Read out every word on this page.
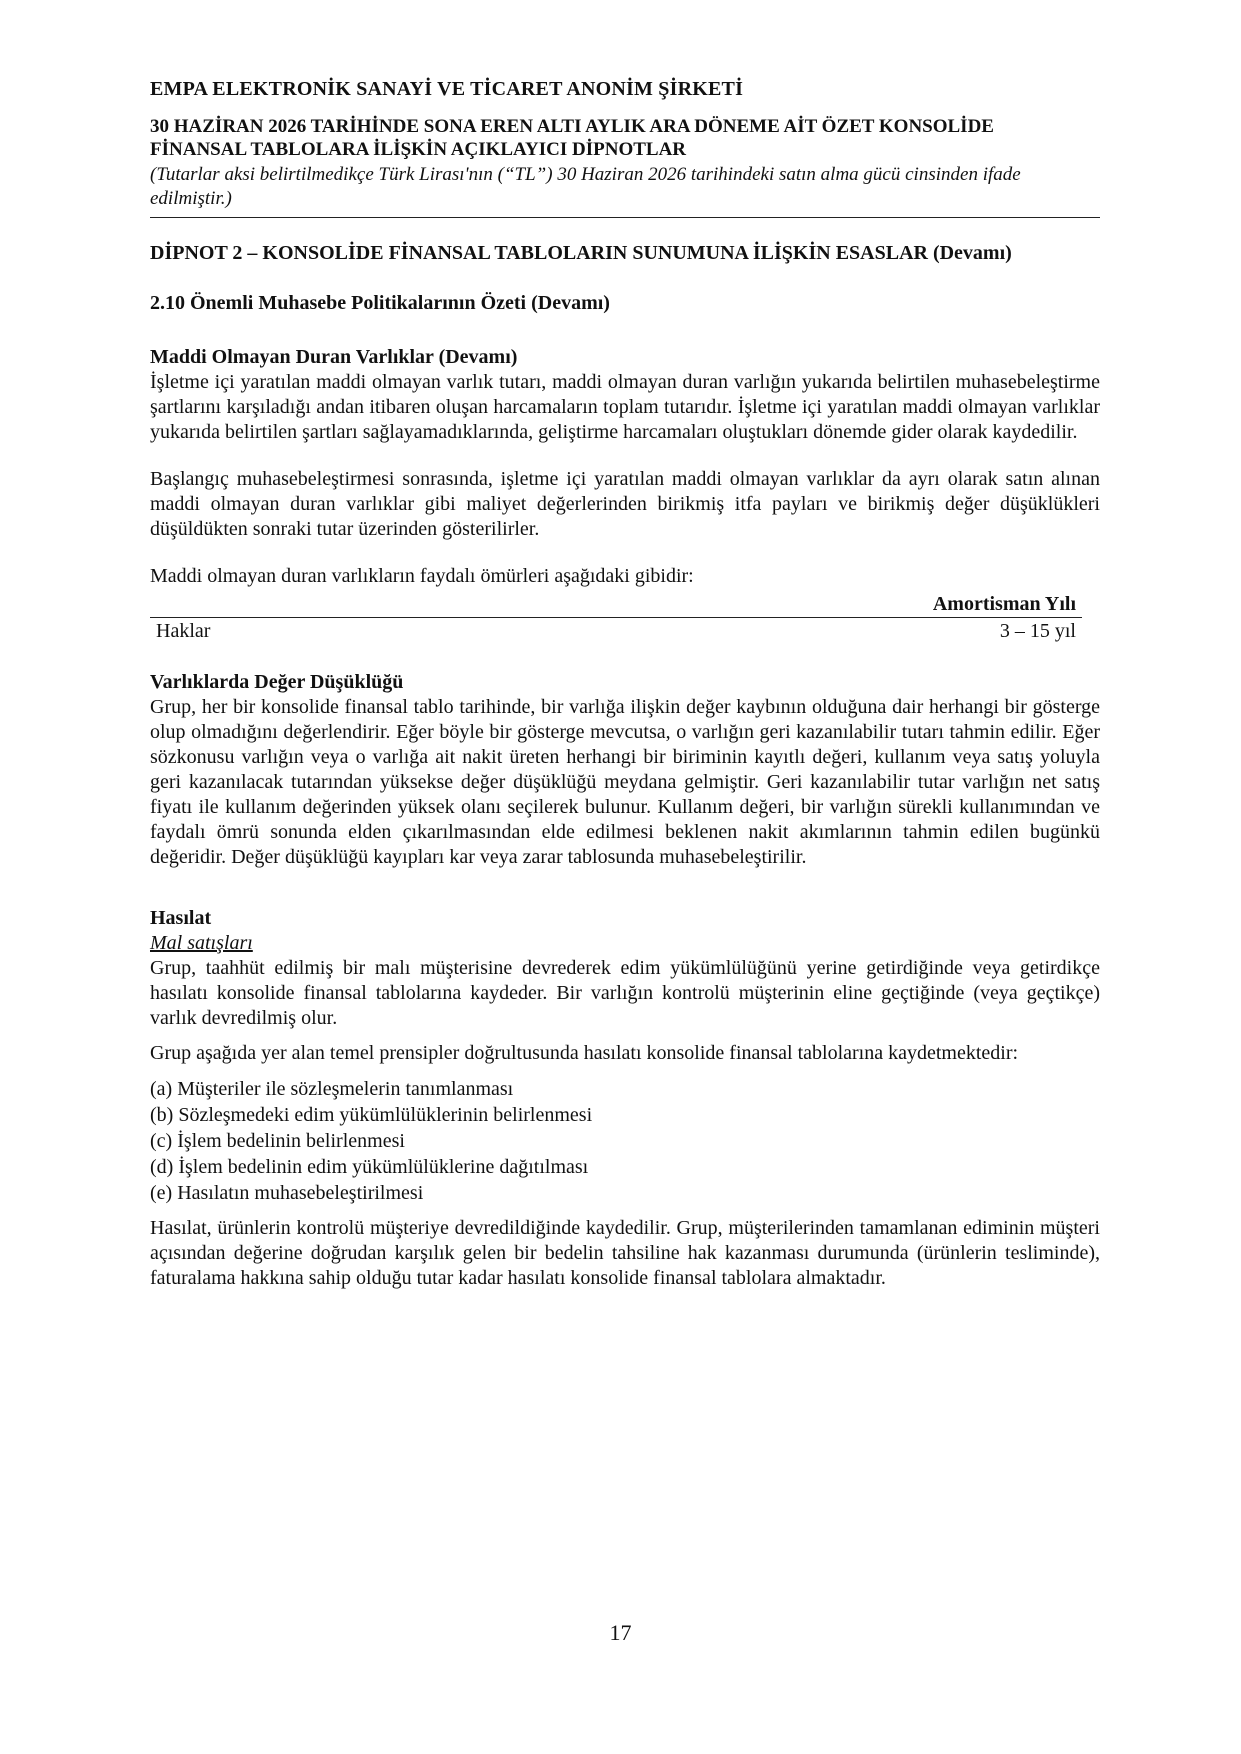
EMPA ELEKTRONİK SANAYİ VE TİCARET ANONİM ŞİRKETİ
30 HAZİRAN 2026 TARİHİNDE SONA EREN ALTI AYLIK ARA DÖNEME AİT ÖZET KONSOLİDE
FİNANSAL TABLOLARA İLİŞKİN AÇIKLAYICI DİPNOTLAR
(Tutarlar aksi belirtilmedikçe Türk Lirası'nın (“TL”) 30 Haziran 2026 tarihindeki satın alma gücü cinsinden ifade edilmiştir.)
DİPNOT 2 – KONSOLİDE FİNANSAL TABLOLARIN SUNUMUNA İLİŞKİN ESASLAR (Devamı)
2.10 Önemli Muhasebe Politikalarının Özeti (Devamı)
Maddi Olmayan Duran Varlıklar (Devamı)

İşletme içi yaratılan maddi olmayan varlık tutarı, maddi olmayan duran varlığın yukarıda belirtilen muhasebeleştirme şartlarını karşıladığı andan itibaren oluşan harcamaların toplam tutarıdır. İşletme içi yaratılan maddi olmayan varlıklar yukarıda belirtilen şartları sağlayamadıklarında, geliştirme harcamaları oluştukları dönemde gider olarak kaydedilir.

Başlangıç muhasebeleştirmesi sonrasında, işletme içi yaratılan maddi olmayan varlıklar da ayrı olarak satın alınan maddi olmayan duran varlıklar gibi maliyet değerlerinden birikmiş itfa payları ve birikmiş değer düşüklükleri düşüldükten sonraki tutar üzerinden gösterilirler.

Maddi olmayan duran varlıkların faydalı ömürleri aşağıdaki gibidir:

Amortisman Yılı
Haklar	3 – 15 yıl
Varlıklarda Değer Düşüklüğü

Grup, her bir konsolide finansal tablo tarihinde, bir varlığa ilişkin değer kaybının olduğuna dair herhangi bir gösterge olup olmadığını değerlendirir. Eğer böyle bir gösterge mevcutsa, o varlığın geri kazanılabilir tutarı tahmin edilir. Eğer sözkonusu varlığın veya o varlığa ait nakit üreten herhangi bir biriminin kayıtlı değeri, kullanım veya satış yoluyla geri kazanılacak tutarından yüksekse değer düşüklüğü meydana gelmiştir. Geri kazanılabilir tutar varlığın net satış fiyatı ile kullanım değerinden yüksek olanı seçilerek bulunur. Kullanım değeri, bir varlığın sürekli kullanımından ve faydalı ömrü sonunda elden çıkarılmasından elde edilmesi beklenen nakit akımlarının tahmin edilen bugünkü değeridir. Değer düşüklüğü kayıpları kar veya zarar tablosunda muhasebeleştirilir.

Hasılat

Mal satışları

Grup, taahhüt edilmiş bir malı müşterisine devrederek edim yükümlülüğünü yerine getirdiğinde veya getirdikçe hasılatı konsolide finansal tablolarına kaydeder. Bir varlığın kontrolü müşterinin eline geçtiğinde (veya geçtikçe) varlık devredilmiş olur.

Grup aşağıda yer alan temel prensipler doğrultusunda hasılatı konsolide finansal tablolarına kaydetmektedir:

(a) Müşteriler ile sözleşmelerin tanımlanması
(b) Sözleşmedeki edim yükümlülüklerinin belirlenmesi
(c) İşlem bedelinin belirlenmesi
(d) İşlem bedelinin edim yükümlülüklerine dağıtılması
(e) Hasılatın muhasebeleştirilmesi

Hasılat, ürünlerin kontrolü müşteriye devredildiğinde kaydedilir. Grup, müşterilerinden tamamlanan ediminin müşteri açısından değerine doğrudan karşılık gelen bir bedelin tahsiline hak kazanması durumunda (ürünlerin tesliminde), faturalama hakkına sahip olduğu tutar kadar hasılatı konsolide finansal tablolara almaktadır.

17
